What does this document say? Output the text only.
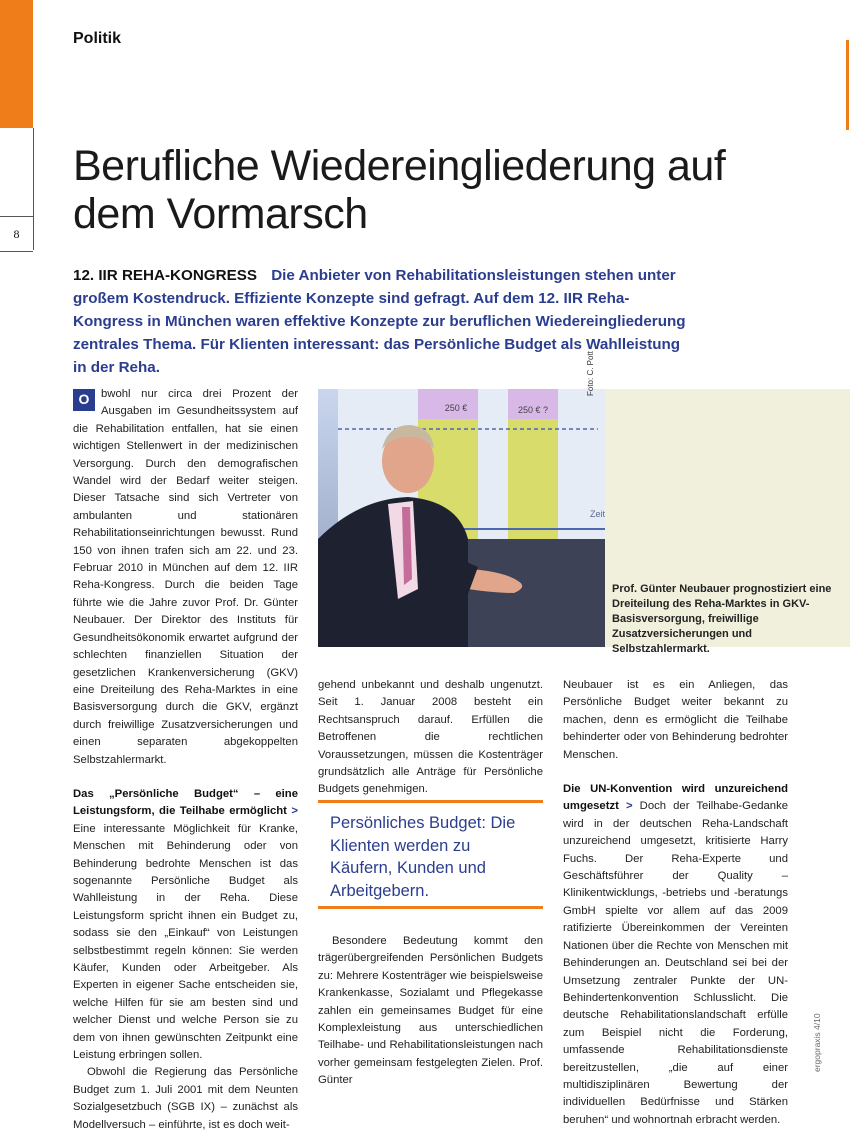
8
Politik
Berufliche Wiedereingliederung auf dem Vormarsch
12. IIR REHA-KONGRESS Die Anbieter von Rehabilitationsleistungen stehen unter großem Kostendruck. Effiziente Konzepte sind gefragt. Auf dem 12. IIR Reha-Kongress in München waren effektive Konzepte zur beruflichen Wiedereingliederung zentrales Thema. Für Klienten interessant: das Persönliche Budget als Wahlleistung in der Reha.

O	bwohl nur circa drei Prozent der Ausgaben im Gesundheitssystem auf die Rehabilitation entfallen, hat sie einen wichtigen Stellenwert in der medizinischen Versorgung. Durch den demografischen Wandel wird der Bedarf weiter steigen. Dieser Tatsache sind sich Vertreter von ambulanten und stationären Rehabilitationseinrichtungen bewusst. Rund 150 von ihnen trafen sich am 22. und 23. Februar 2010 in München auf dem 12. IIR Reha-Kongress. Durch die beiden Tage führte wie die Jahre zuvor Prof. Dr. Günter Neubauer. Der Direktor des Instituts für Gesundheitsökonomik erwartet aufgrund der schlechten finanziellen Situation der gesetzlichen Krankenversicherung (GKV) eine Dreiteilung des Reha-Marktes in eine Basisversorgung durch die GKV, ergänzt durch freiwillige Zusatzversicherungen und einen separaten abgekoppelten Selbstzahlermarkt.

Das „Persönliche Budget“ – eine Leistungsform, die Teilhabe ermöglicht > Eine interessante Möglichkeit für Kranke, Menschen mit Behinderung oder von Behinderung bedrohte Menschen ist das sogenannte Persönliche Budget als Wahlleistung in der Reha. Diese Leistungsform spricht ihnen ein Budget zu, sodass sie den „Einkauf“ von Leistungen selbstbestimmt regeln können: Sie werden Käufer, Kunden oder Arbeitgeber. Als Experten in eigener Sache entscheiden sie, welche Hilfen für sie am besten sind und welcher Dienst und welche Person sie zu dem von ihnen gewünschten Zeitpunkt eine Leistung erbringen sollen.

Obwohl die Regierung das Persönliche Budget zum 1. Juli 2001 mit dem Neunten Sozialgesetzbuch (SGB IX) – zunächst als Modellversuch – einführte, ist es doch weit-

250 €	250 € ?
Zeit
Foto: C. Pott
Prof. Günter Neubauer prognostiziert eine Dreiteilung des Reha-Marktes in GKV-Basisversorgung, freiwillige Zusatzversicherungen und Selbstzahlermarkt.

gehend unbekannt und deshalb ungenutzt. Seit 1. Januar 2008 besteht ein Rechtsanspruch darauf. Erfüllen die Betroffenen die rechtlichen Voraussetzungen, müssen die Kostenträger grundsätzlich alle Anträge für Persönliche Budgets genehmigen.

Persönliches Budget: Die Klienten werden zu Käufern, Kunden und Arbeitgebern.

Besondere Bedeutung kommt den trägerübergreifenden Persönlichen Budgets zu: Mehrere Kostenträger wie beispielsweise Krankenkasse, Sozialamt und Pflegekasse zahlen ein gemeinsames Budget für eine Komplexleistung aus unterschiedlichen Teilhabe- und Rehabilitationsleistungen nach vorher gemeinsam festgelegten Zielen. Prof. Günter

Neubauer ist es ein Anliegen, das Persönliche Budget weiter bekannt zu machen, denn es ermöglicht die Teilhabe behinderter oder von Behinderung bedrohter Menschen.

Die UN-Konvention wird unzureichend umgesetzt > Doch der Teilhabe-Gedanke wird in der deutschen Reha-Landschaft unzureichend umgesetzt, kritisierte Harry Fuchs. Der Reha-Experte und Geschäftsführer der Quality – Klinikentwicklungs, -betriebs und -beratungs GmbH spielte vor allem auf das 2009 ratifizierte Übereinkommen der Vereinten Nationen über die Rechte von Menschen mit Behinderungen an. Deutschland sei bei der Umsetzung zentraler Punkte der UN-Behindertenkonvention Schlusslicht. Die deutsche Rehabilitationslandschaft erfülle zum Beispiel nicht die Forderung, umfassende Rehabilitationsdienste bereitzustellen, „die auf einer multidisziplinären Bewertung der individuellen Bedürfnisse und Stärken beruhen“ und wohnortnah erbracht werden.

ergopraxis 4/10
